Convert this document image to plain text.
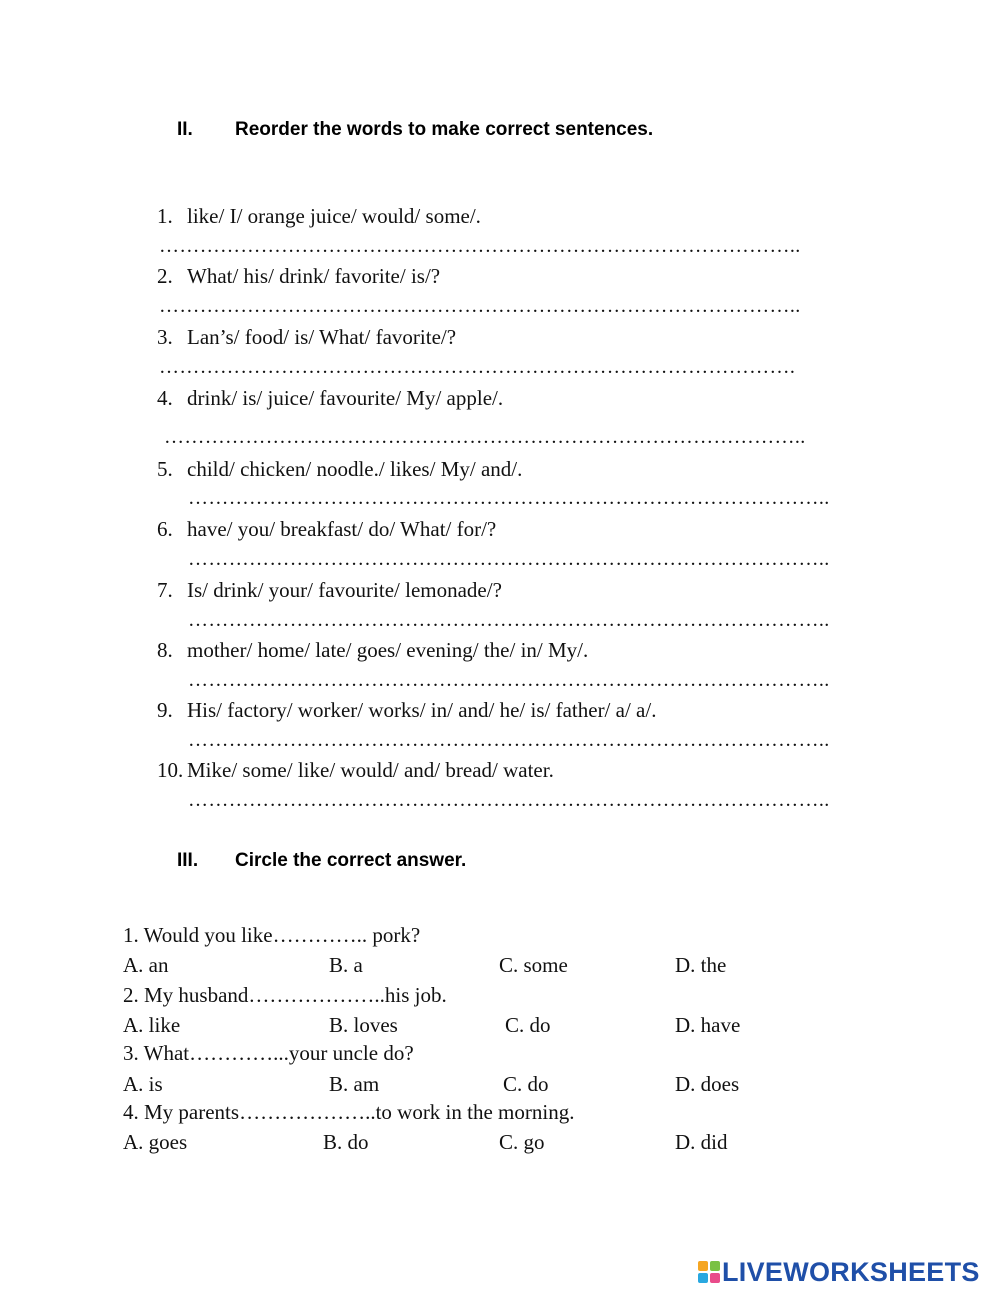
II. Reorder the words to make correct sentences.
1. like/ I/ orange juice/ would/ some/.
…………………………………………………………………………………..
2. What/ his/ drink/ favorite/ is/?
…………………………………………………………………………………..
3. Lan’s/ food/ is/ What/ favorite/?
………………………………………………………………………………….
4. drink/ is/ juice/ favourite/ My/ apple/.
…………………………………………………………………………………..
5. child/ chicken/ noodle./ likes/ My/ and/.
…………………………………………………………………………………..
6. have/ you/ breakfast/ do/ What/ for/?
…………………………………………………………………………………..
7. Is/ drink/ your/ favourite/ lemonade/?
…………………………………………………………………………………..
8. mother/ home/ late/ goes/ evening/ the/ in/ My/.
…………………………………………………………………………………..
9. His/ factory/ worker/ works/ in/ and/ he/ is/ father/ a/ a/.
…………………………………………………………………………………..
10. Mike/ some/ like/ would/ and/ bread/ water.
…………………………………………………………………………………..
III. Circle the correct answer.
1. Would you like………….. pork?
A. an	B. a	C. some	D. the
2. My husband………………..his job.
A. like	B. loves	C. do	D. have
3. What…………...your uncle do?
A. is	B. am	C. do	D. does
4. My parents………………..to work in the morning.
A. goes	B. do	C. go	D. did
LIVEWORKSHEETS
